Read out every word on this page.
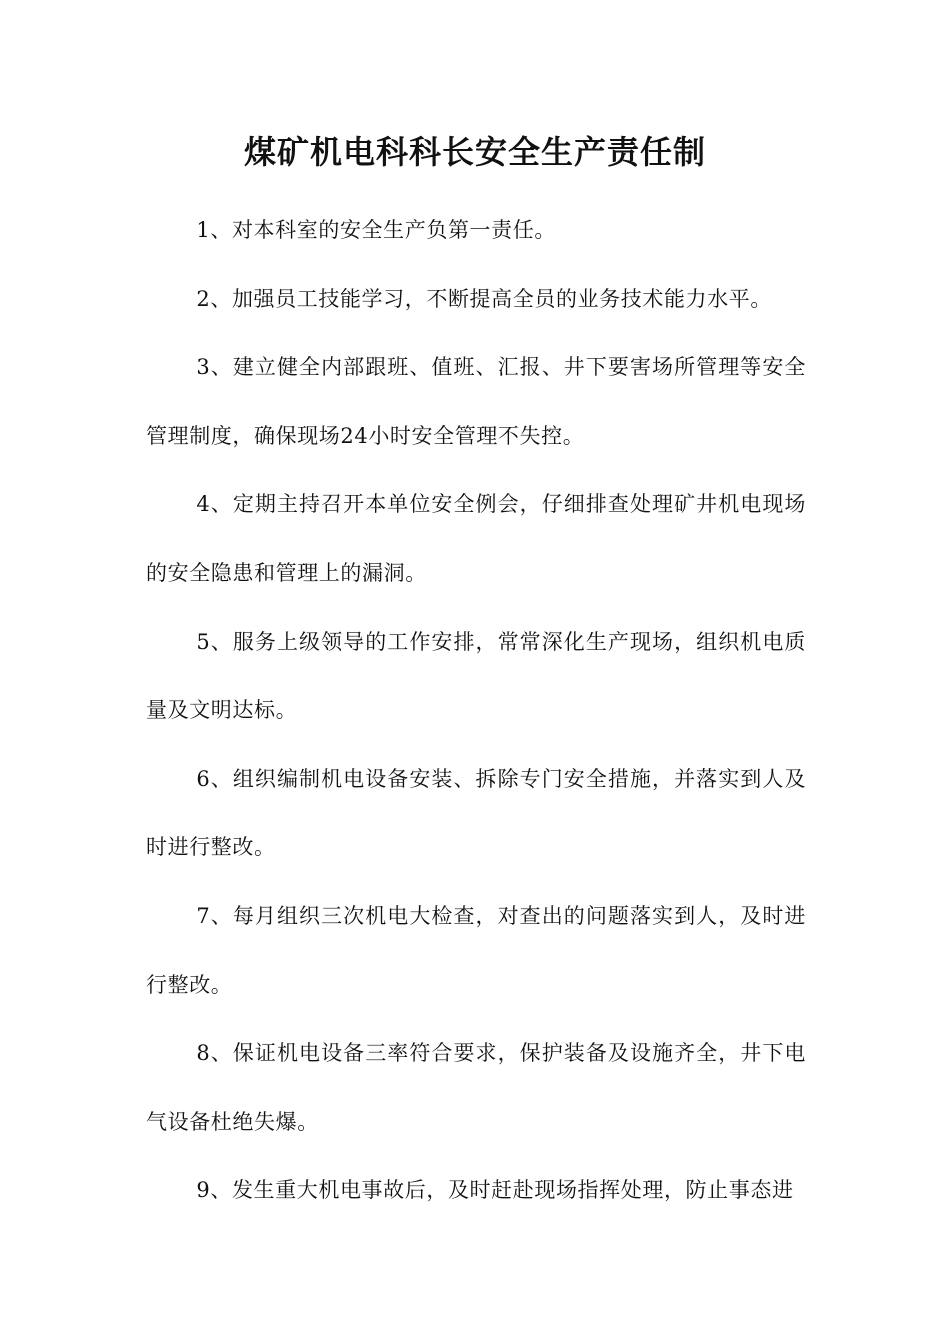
煤矿机电科科长安全生产责任制

1、对本科室的安全生产负第一责任。

2、加强员工技能学习，不断提高全员的业务技术能力水平。

3、建立健全内部跟班、值班、汇报、井下要害场所管理等安全管理制度，确保现场24小时安全管理不失控。

4、定期主持召开本单位安全例会，仔细排查处理矿井机电现场的安全隐患和管理上的漏洞。

5、服务上级领导的工作安排，常常深化生产现场，组织机电质量及文明达标。

6、组织编制机电设备安装、拆除专门安全措施，并落实到人及时进行整改。

7、每月组织三次机电大检查，对查出的问题落实到人，及时进行整改。

8、保证机电设备三率符合要求，保护装备及设施齐全，井下电气设备杜绝失爆。

9、发生重大机电事故后，及时赶赴现场指挥处理，防止事态进
